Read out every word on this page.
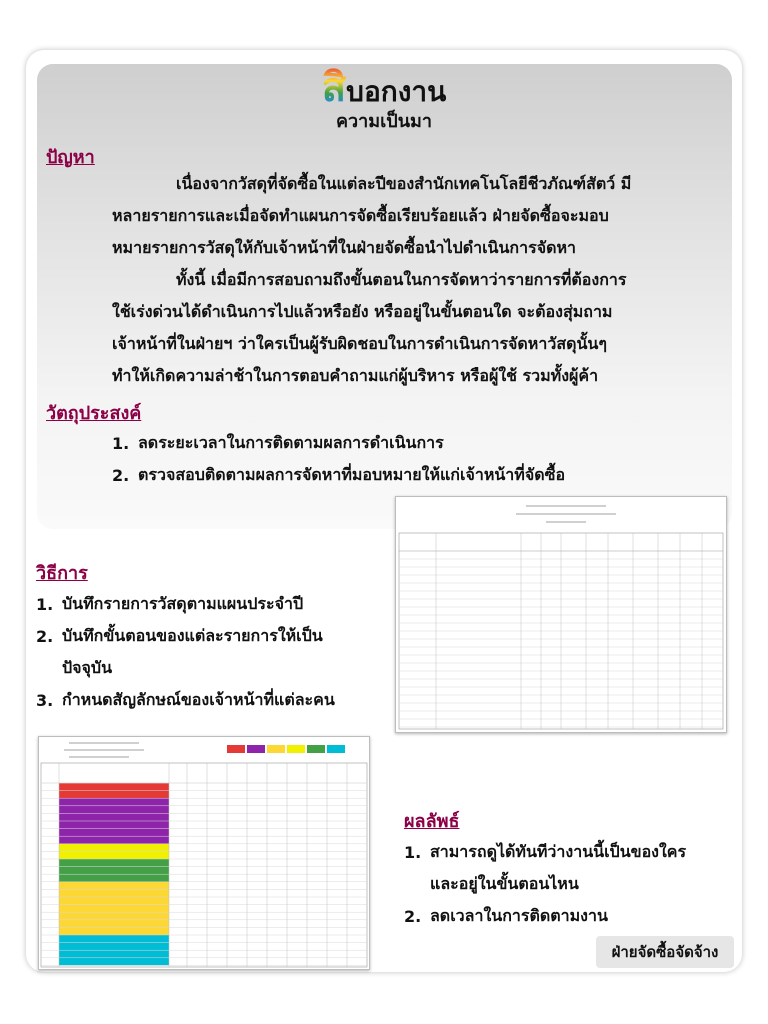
สิบอกงาน
ความเป็นมา
ปัญหา
เนื่องจากวัสดุที่จัดซื้อในแต่ละปีของสำนักเทคโนโลยีชีวภัณฑ์สัตว์ มี
หลายรายการและเมื่อจัดทำแผนการจัดซื้อเรียบร้อยแล้ว ฝ่ายจัดซื้อจะมอบ
หมายรายการวัสดุให้กับเจ้าหน้าที่ในฝ่ายจัดซื้อนำไปดำเนินการจัดหา
ทั้งนี้ เมื่อมีการสอบถามถึงขั้นตอนในการจัดหาว่ารายการที่ต้องการ
ใช้เร่งด่วนได้ดำเนินการไปแล้วหรือยัง หรืออยู่ในขั้นตอนใด จะต้องสุ่มถาม
เจ้าหน้าที่ในฝ่ายฯ ว่าใครเป็นผู้รับผิดชอบในการดำเนินการจัดหาวัสดุนั้นๆ
ทำให้เกิดความล่าช้าในการตอบคำถามแก่ผู้บริหาร หรือผู้ใช้ รวมทั้งผู้ค้า
วัตถุประสงค์
1. ลดระยะเวลาในการติดตามผลการดำเนินการ
2. ตรวจสอบติดตามผลการจัดหาที่มอบหมายให้แก่เจ้าหน้าที่จัดซื้อ
วิธีการ
1. บันทึกรายการวัสดุตามแผนประจำปี
2. บันทึกขั้นตอนของแต่ละรายการให้เป็น
ปัจจุบัน
3. กำหนดสัญลักษณ์ของเจ้าหน้าที่แต่ละคน
ผลลัพธ์
1. สามารถดูได้ทันทีว่างานนี้เป็นของใคร
และอยู่ในขั้นตอนไหน
2. ลดเวลาในการติดตามงาน
ฝ่ายจัดซื้อจัดจ้าง
